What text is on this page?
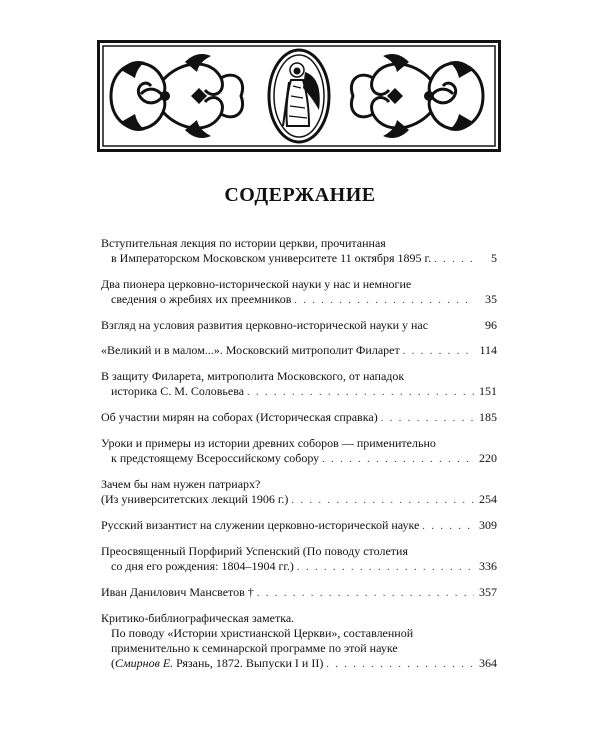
СОДЕРЖАНИЕ
Вступительная лекция по истории церкви, прочитанная
в Императорском Московском университете 11 октября 1895 г. . . .	5
Два пионера церковно-исторической науки у нас и немногие
сведения о жребиях их преемников . . .	35
Взгляд на условия развития церковно-исторической науки у нас	96
«Великий и в малом...». Московский митрополит Филарет . . .	114
В защиту Филарета, митрополита Московского, от нападок
историка С. М. Соловьева . . .	151
Об участии мирян на соборах (Историческая справка) . . .	185
Уроки и примеры из истории древних соборов — применительно
к предстоящему Всероссийскому собору . . .	220
Зачем бы нам нужен патриарх?
(Из университетских лекций 1906 г.) . . .	254
Русский византист на служении церковно-исторической науке . . .	309
Преосвященный Порфирий Успенский (По поводу столетия
со дня его рождения: 1804–1904 гг.) . . .	336
Иван Данилович Мансветов † . . .	357
Критико-библиографическая заметка.
По поводу «Истории христианской Церкви», составленной
применительно к семинарской программе по этой науке
(Смирнов Е. Рязань, 1872. Выпуски I и II) . . .	364
